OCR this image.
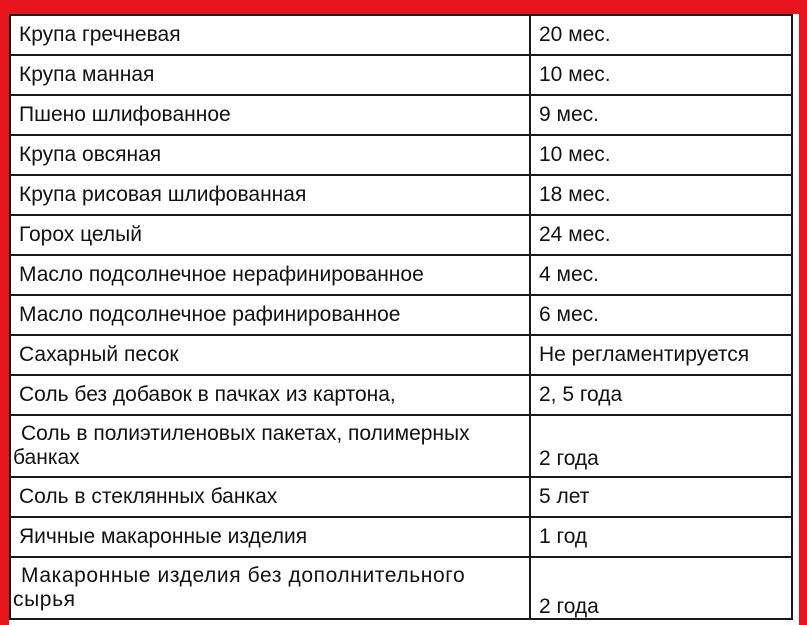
Крупа гречневая	20 мес.
Крупа манная	10 мес.
Пшено шлифованное	9 мес.
Крупа овсяная	10 мес.
Крупа рисовая шлифованная	18 мес.
Горох целый	24 мес.
Масло подсолнечное нерафинированное	4 мес.
Масло подсолнечное рафинированное	6 мес.
Сахарный песок	Не регламентируется
Соль без добавок в пачках из картона,	2, 5 года
Соль в полиэтиленовых пакетах, полимерных банках	2 года
Соль в стеклянных банках	5 лет
Яичные макаронные изделия	1 год
Макаронные изделия без дополнительного сырья	2 года
